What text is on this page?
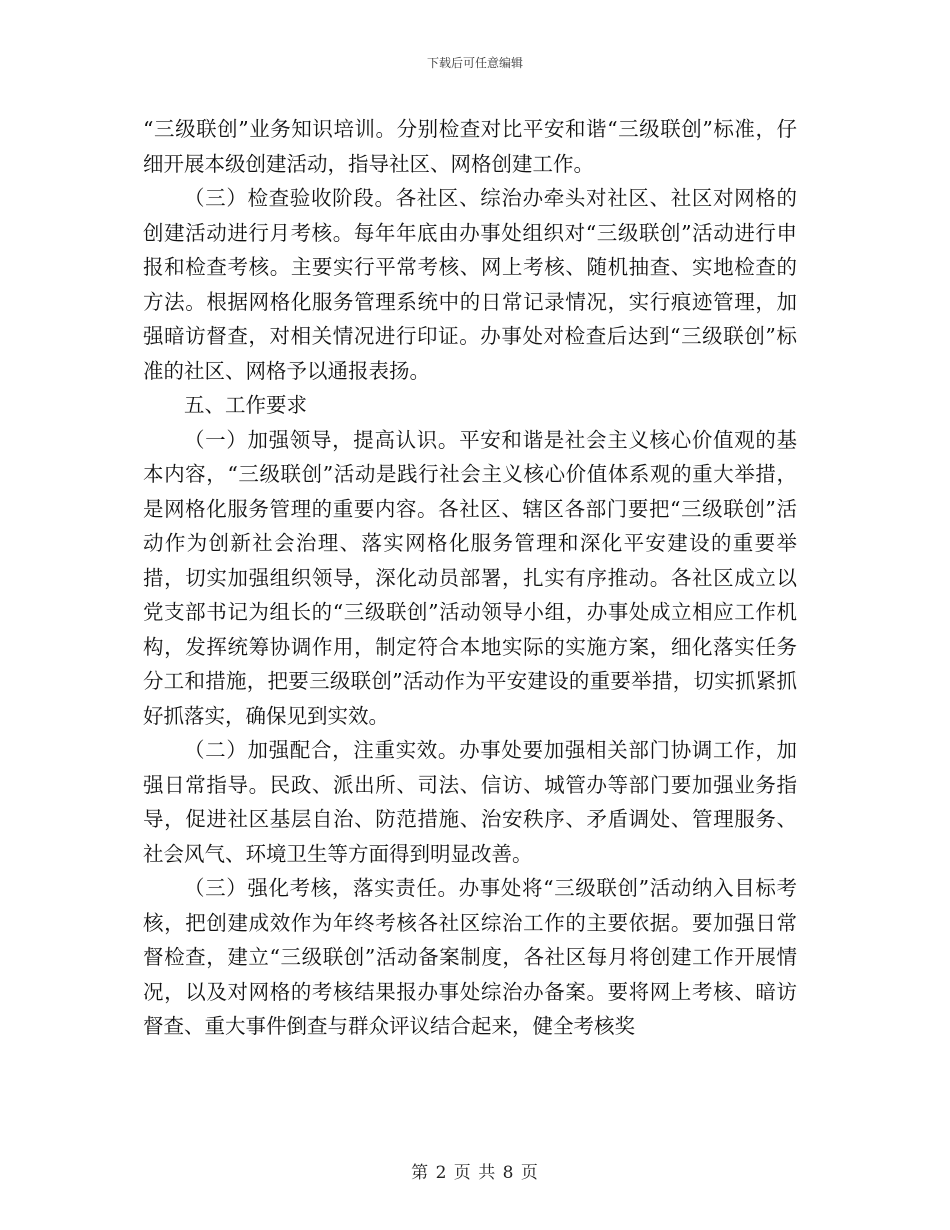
下载后可任意编辑

“三级联创”业务知识培训。分别检查对比平安和谐“三级联创”标准，仔细开展本级创建活动，指导社区、网格创建工作。

（三）检查验收阶段。各社区、综治办牵头对社区、社区对网格的创建活动进行月考核。每年年底由办事处组织对“三级联创”活动进行申报和检查考核。主要实行平常考核、网上考核、随机抽查、实地检查的方法。根据网格化服务管理系统中的日常记录情况，实行痕迹管理，加强暗访督查，对相关情况进行印证。办事处对检查后达到“三级联创”标准的社区、网格予以通报表扬。

五、工作要求

（一）加强领导，提高认识。平安和谐是社会主义核心价值观的基本内容，“三级联创”活动是践行社会主义核心价值体系观的重大举措，是网格化服务管理的重要内容。各社区、辖区各部门要把“三级联创”活动作为创新社会治理、落实网格化服务管理和深化平安建设的重要举措，切实加强组织领导，深化动员部署，扎实有序推动。各社区成立以党支部书记为组长的“三级联创”活动领导小组，办事处成立相应工作机构，发挥统筹协调作用，制定符合本地实际的实施方案，细化落实任务分工和措施，把要三级联创”活动作为平安建设的重要举措，切实抓紧抓好抓落实，确保见到实效。

（二）加强配合，注重实效。办事处要加强相关部门协调工作，加强日常指导。民政、派出所、司法、信访、城管办等部门要加强业务指导，促进社区基层自治、防范措施、治安秩序、矛盾调处、管理服务、社会风气、环境卫生等方面得到明显改善。

（三）强化考核，落实责任。办事处将“三级联创”活动纳入目标考核，把创建成效作为年终考核各社区综治工作的主要依据。要加强日常督检查，建立“三级联创”活动备案制度，各社区每月将创建工作开展情况，以及对网格的考核结果报办事处综治办备案。要将网上考核、暗访督查、重大事件倒查与群众评议结合起来，健全考核奖

第 2 页 共 8 页
